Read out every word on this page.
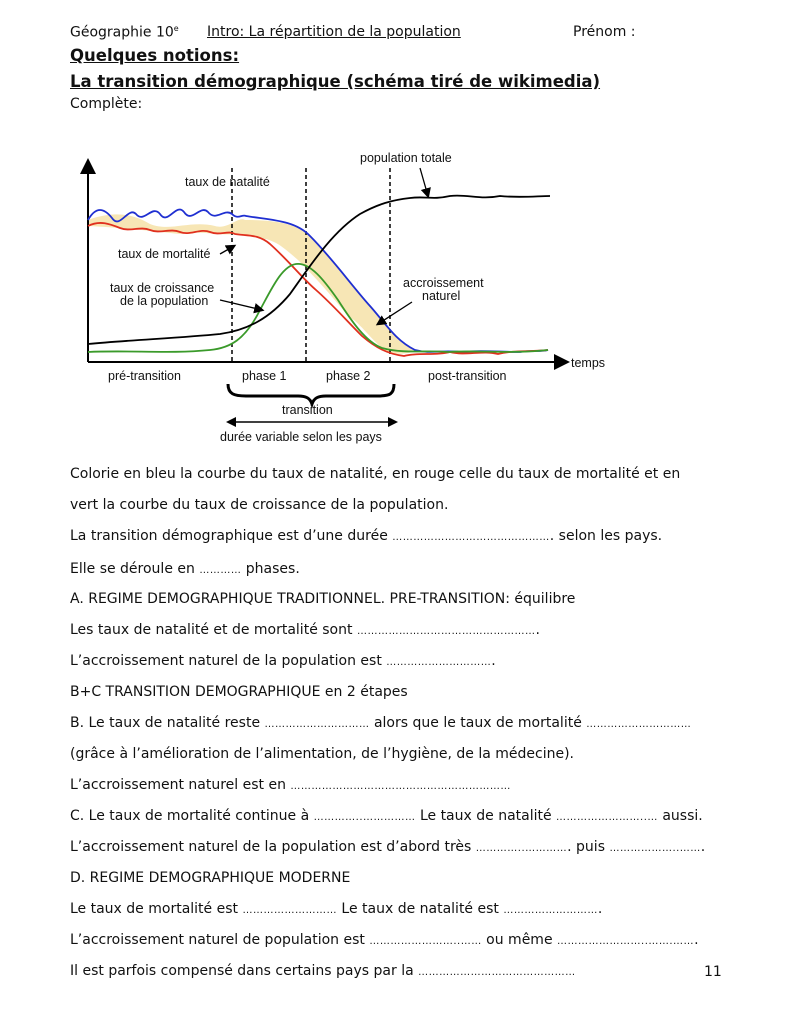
Géographie 10e Intro: La répartition de la population	Prénom :
Quelques notions:
La transition démographique (schéma tiré de wikimedia)
Complète:
population totale
taux de natalité
taux de mortalité
taux de croissance
de la population
accroissement
naturel
temps
pré-transition	phase 1	phase 2	post-transition
transition
durée variable selon les pays
Colorie en bleu la courbe du taux de natalité, en rouge celle du taux de mortalité et en
vert la courbe du taux de croissance de la population.
La transition démographique est d’une durée ………………………………………. selon les pays.
Elle se déroule en ………… phases.
A. REGIME DEMOGRAPHIQUE TRADITIONNEL. PRE-TRANSITION: équilibre
Les taux de natalité et de mortalité sont …………………………………………….
L’accroissement naturel de la population est ………………………….
B+C TRANSITION DEMOGRAPHIQUE en 2 étapes
B. Le taux de natalité reste ………………………… alors que le taux de mortalité …………………………
(grâce à l’amélioration de l’alimentation, de l’hygiène, de la médecine).
L’accroissement naturel est en ………………………………………………………
C. Le taux de mortalité continue à …………..…………… Le taux de natalité ……………………..… aussi.
L’accroissement naturel de la population est d’abord très …………..…………. puis ………………..…….
D. REGIME DEMOGRAPHIQUE MODERNE
Le taux de mortalité est ……………………… Le taux de natalité est ……………………….
L’accroissement naturel de population est ……………………..…… ou même ……………………..…….…….
Il est parfois compensé dans certains pays par la ………………………………………	11
